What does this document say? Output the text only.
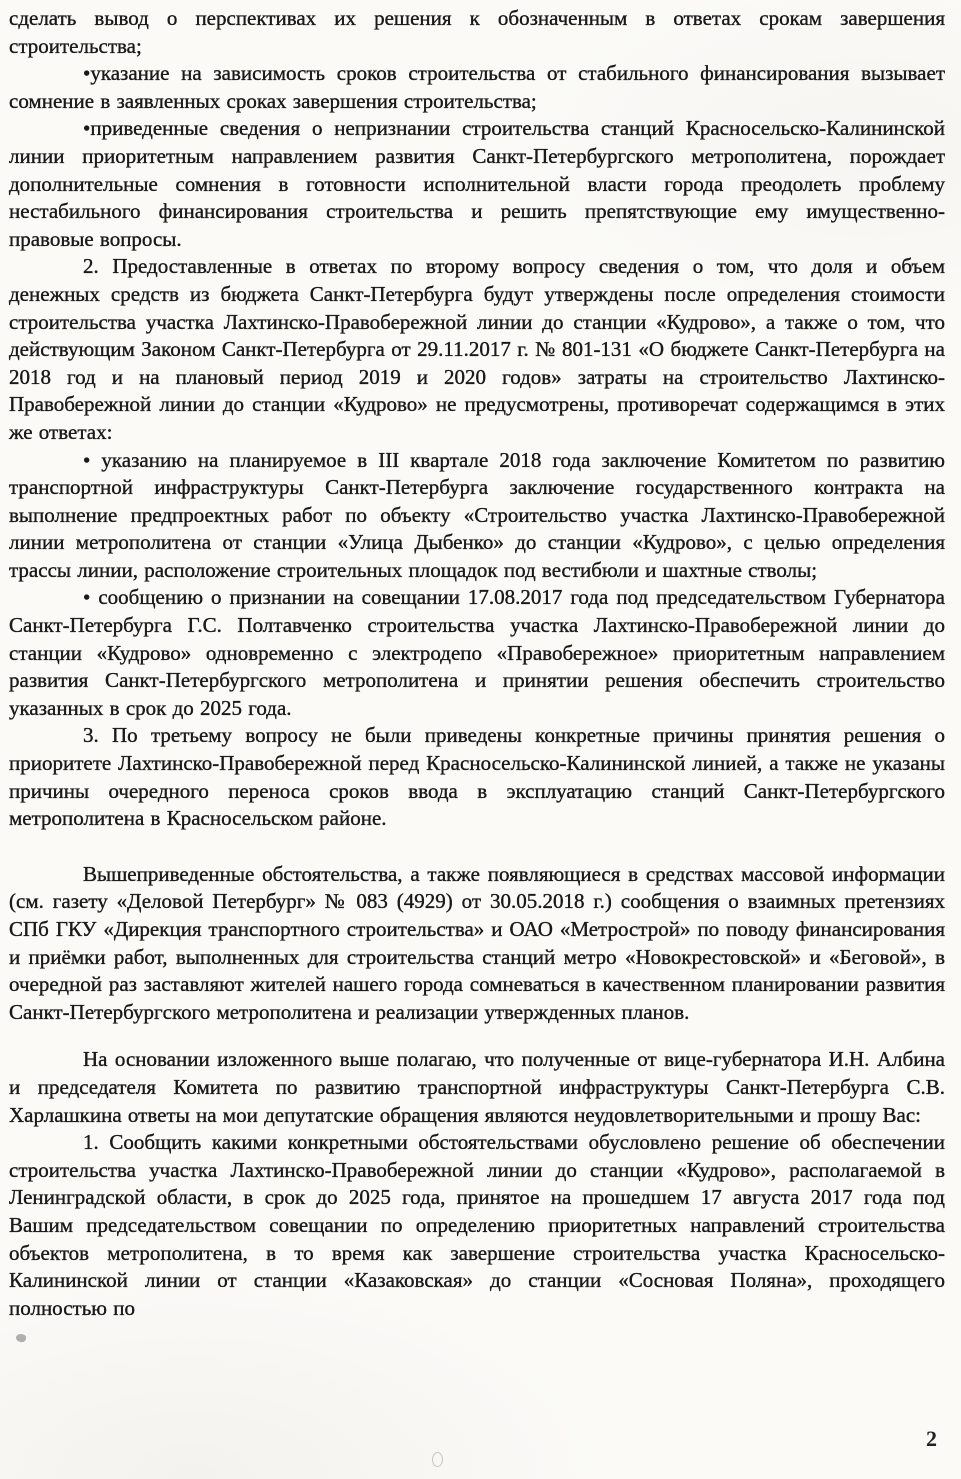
сделать вывод о перспективах их решения к обозначенным в ответах срокам завершения строительства;

•указание на зависимость сроков строительства от стабильного финансирования вызывает сомнение в заявленных сроках завершения строительства;

•приведенные сведения о непризнании строительства станций Красносельско-Калининской линии приоритетным направлением развития Санкт-Петербургского метрополитена, порождает дополнительные сомнения в готовности исполнительной власти города преодолеть проблему нестабильного финансирования строительства и решить препятствующие ему имущественно-правовые вопросы.

2. Предоставленные в ответах по второму вопросу сведения о том, что доля и объем денежных средств из бюджета Санкт-Петербурга будут утверждены после определения стоимости строительства участка Лахтинско-Правобережной линии до станции «Кудрово», а также о том, что действующим Законом Санкт-Петербурга от 29.11.2017 г. № 801-131 «О бюджете Санкт-Петербурга на 2018 год и на плановый период 2019 и 2020 годов» затраты на строительство Лахтинско-Правобережной линии до станции «Кудрово» не предусмотрены, противоречат содержащимся в этих же ответах:

• указанию на планируемое в III квартале 2018 года заключение Комитетом по развитию транспортной инфраструктуры Санкт-Петербурга заключение государственного контракта на выполнение предпроектных работ по объекту «Строительство участка Лахтинско-Правобережной линии метрополитена от станции «Улица Дыбенко» до станции «Кудрово», с целью определения трассы линии, расположение строительных площадок под вестибюли и шахтные стволы;

• сообщению о признании на совещании 17.08.2017 года под председательством Губернатора Санкт-Петербурга Г.С. Полтавченко строительства участка Лахтинско-Правобережной линии до станции «Кудрово» одновременно с электродепо «Правобережное» приоритетным направлением развития Санкт-Петербургского метрополитена и принятии решения обеспечить строительство указанных в срок до 2025 года.

3. По третьему вопросу не были приведены конкретные причины принятия решения о приоритете Лахтинско-Правобережной перед Красносельско-Калининской линией, а также не указаны причины очередного переноса сроков ввода в эксплуатацию станций Санкт-Петербургского метрополитена в Красносельском районе.

Вышеприведенные обстоятельства, а также появляющиеся в средствах массовой информации (см. газету «Деловой Петербург» № 083 (4929) от 30.05.2018 г.) сообщения о взаимных претензиях СПб ГКУ «Дирекция транспортного строительства» и ОАО «Метрострой» по поводу финансирования и приёмки работ, выполненных для строительства станций метро «Новокрестовской» и «Беговой», в очередной раз заставляют жителей нашего города сомневаться в качественном планировании развития Санкт-Петербургского метрополитена и реализации утвержденных планов.

На основании изложенного выше полагаю, что полученные от вице-губернатора И.Н. Албина и председателя Комитета по развитию транспортной инфраструктуры Санкт-Петербурга С.В. Харлашкина ответы на мои депутатские обращения являются неудовлетворительными и прошу Вас:

1. Сообщить какими конкретными обстоятельствами обусловлено решение об обеспечении строительства участка Лахтинско-Правобережной линии до станции «Кудрово», располагаемой в Ленинградской области, в срок до 2025 года, принятое на прошедшем 17 августа 2017 года под Вашим председательством совещании по определению приоритетных направлений строительства объектов метрополитена, в то время как завершение строительства участка Красносельско-Калининской линии от станции «Казаковская» до станции «Сосновая Поляна», проходящего полностью по

2
